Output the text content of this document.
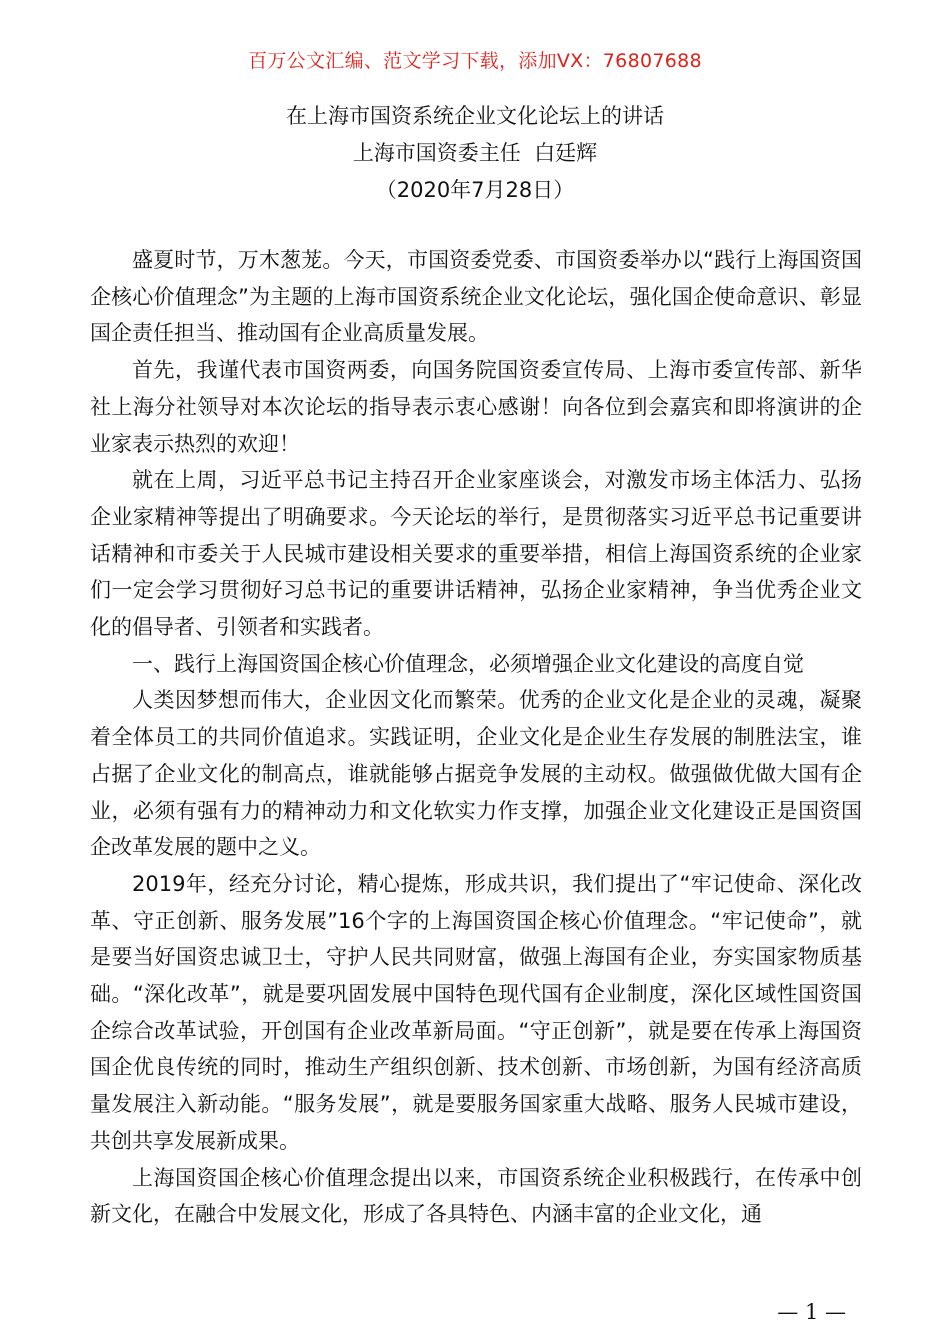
百万公文汇编、范文学习下载，添加VX：76807688
在上海市国资系统企业文化论坛上的讲话
上海市国资委主任  白廷辉
（2020年7月28日）

盛夏时节，万木葱茏。今天，市国资委党委、市国资委举办以“践行上海国资国企核心价值理念”为主题的上海市国资系统企业文化论坛，强化国企使命意识、彰显国企责任担当、推动国有企业高质量发展。

首先，我谨代表市国资两委，向国务院国资委宣传局、上海市委宣传部、新华社上海分社领导对本次论坛的指导表示衷心感谢！向各位到会嘉宾和即将演讲的企业家表示热烈的欢迎！

就在上周，习近平总书记主持召开企业家座谈会，对激发市场主体活力、弘扬企业家精神等提出了明确要求。今天论坛的举行，是贯彻落实习近平总书记重要讲话精神和市委关于人民城市建设相关要求的重要举措，相信上海国资系统的企业家们一定会学习贯彻好习总书记的重要讲话精神，弘扬企业家精神，争当优秀企业文化的倡导者、引领者和实践者。

一、践行上海国资国企核心价值理念，必须增强企业文化建设的高度自觉

人类因梦想而伟大，企业因文化而繁荣。优秀的企业文化是企业的灵魂，凝聚着全体员工的共同价值追求。实践证明，企业文化是企业生存发展的制胜法宝，谁占据了企业文化的制高点，谁就能够占据竞争发展的主动权。做强做优做大国有企业，必须有强有力的精神动力和文化软实力作支撑，加强企业文化建设正是国资国企改革发展的题中之义。

2019年，经充分讨论，精心提炼，形成共识，我们提出了“牢记使命、深化改革、守正创新、服务发展”16个字的上海国资国企核心价值理念。“牢记使命”，就是要当好国资忠诚卫士，守护人民共同财富，做强上海国有企业，夯实国家物质基础。“深化改革”，就是要巩固发展中国特色现代国有企业制度，深化区域性国资国企综合改革试验，开创国有企业改革新局面。“守正创新”，就是要在传承上海国资国企优良传统的同时，推动生产组织创新、技术创新、市场创新，为国有经济高质量发展注入新动能。“服务发展”，就是要服务国家重大战略、服务人民城市建设，共创共享发展新成果。

上海国资国企核心价值理念提出以来，市国资系统企业积极践行，在传承中创新文化，在融合中发展文化，形成了各具特色、内涵丰富的企业文化，通

— 1 —
